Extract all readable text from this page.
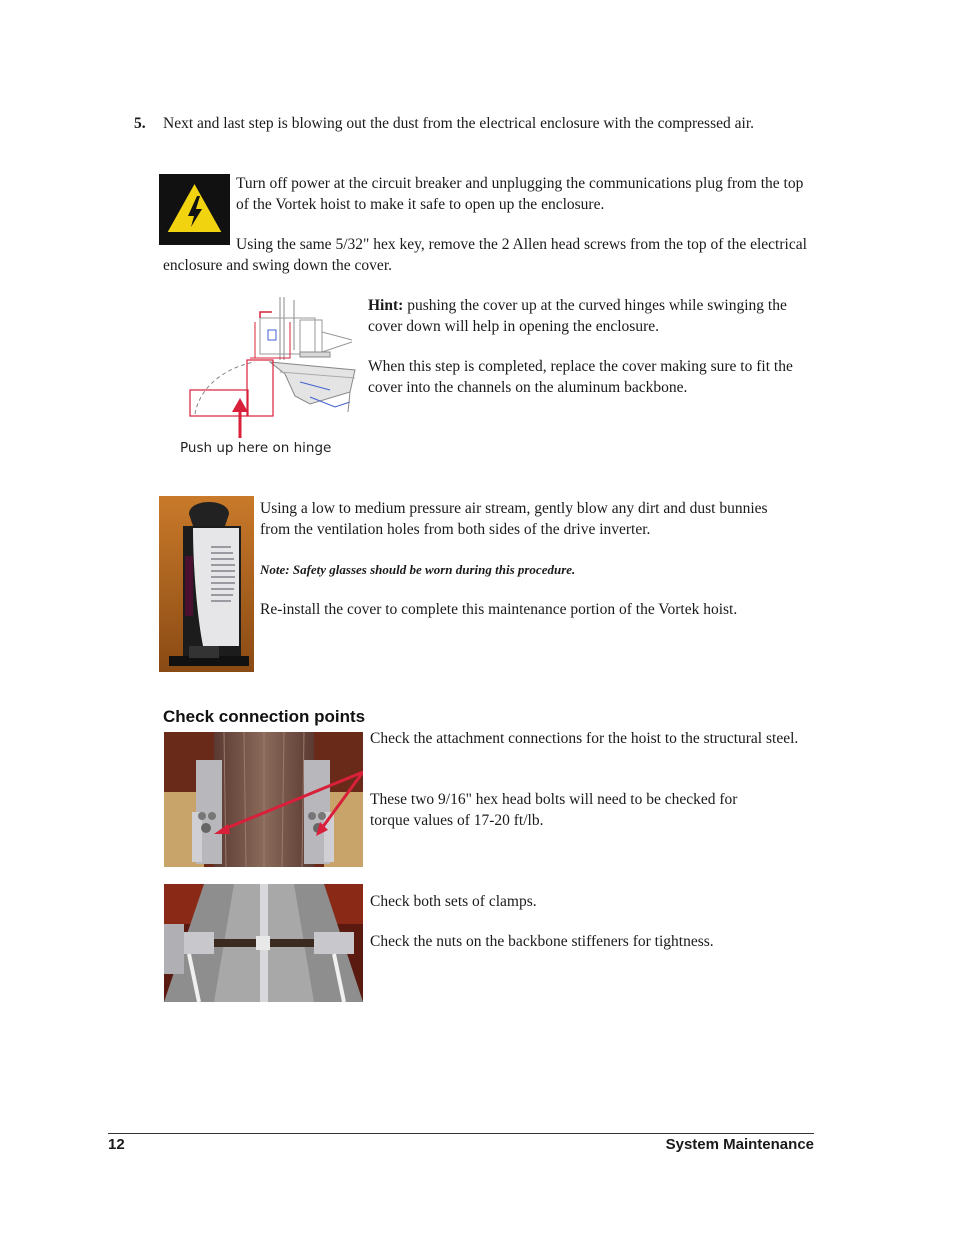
5. Next and last step is blowing out the dust from the electrical enclosure with the compressed air.
Turn off power at the circuit breaker and unplugging the communications plug from the top of the Vortek hoist to make it safe to open up the enclosure.
Using the same 5/32" hex key, remove the 2 Allen head screws from the top of the electrical enclosure and swing down the cover.
Push up here on hinge
Hint: pushing the cover up at the curved hinges while swinging the cover down will help in opening the enclosure.
When this step is completed, replace the cover making sure to fit the cover into the channels on the aluminum backbone.
Using a low to medium pressure air stream, gently blow any dirt and dust bunnies from the ventilation holes from both sides of the drive inverter.
Note: Safety glasses should be worn during this procedure.
Re-install the cover to complete this maintenance portion of the Vortek hoist.
Check connection points
Check the attachment connections for the hoist to the structural steel.
These two 9/16" hex head bolts will need to be checked for torque values of 17-20 ft/lb.
Check both sets of clamps.
Check the nuts on the backbone stiffeners for tightness.
12	System Maintenance
